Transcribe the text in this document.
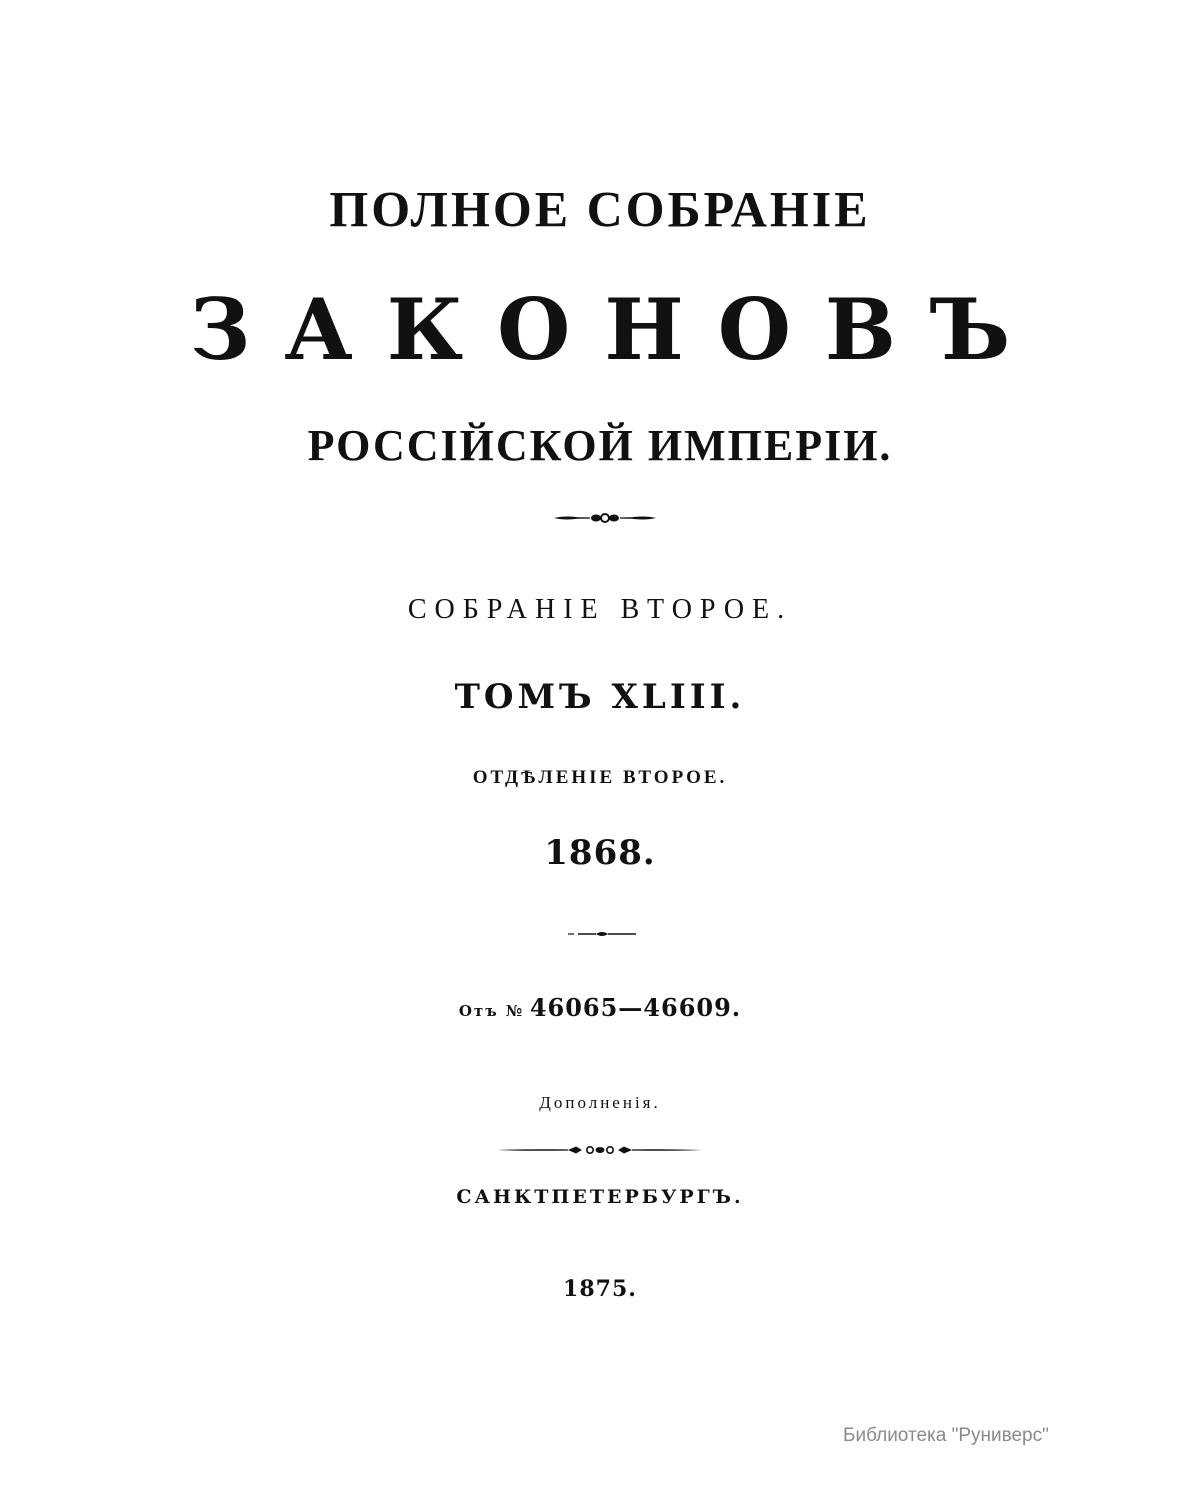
ПОЛНОЕ СОБРАНІЕ
ЗАКОНОВЪ
РОССІЙСКОЙ ИМПЕРІИ.
СОБРАНІЕ ВТОРОЕ.
ТОМЪ XLIII.
ОТДѢЛЕНІЕ ВТОРОЕ.
1868.
Отъ № 46065—46609.
Дополненія.
САНКТПЕТЕРБУРГЪ.
1875.
Библиотека "Руниверс"
